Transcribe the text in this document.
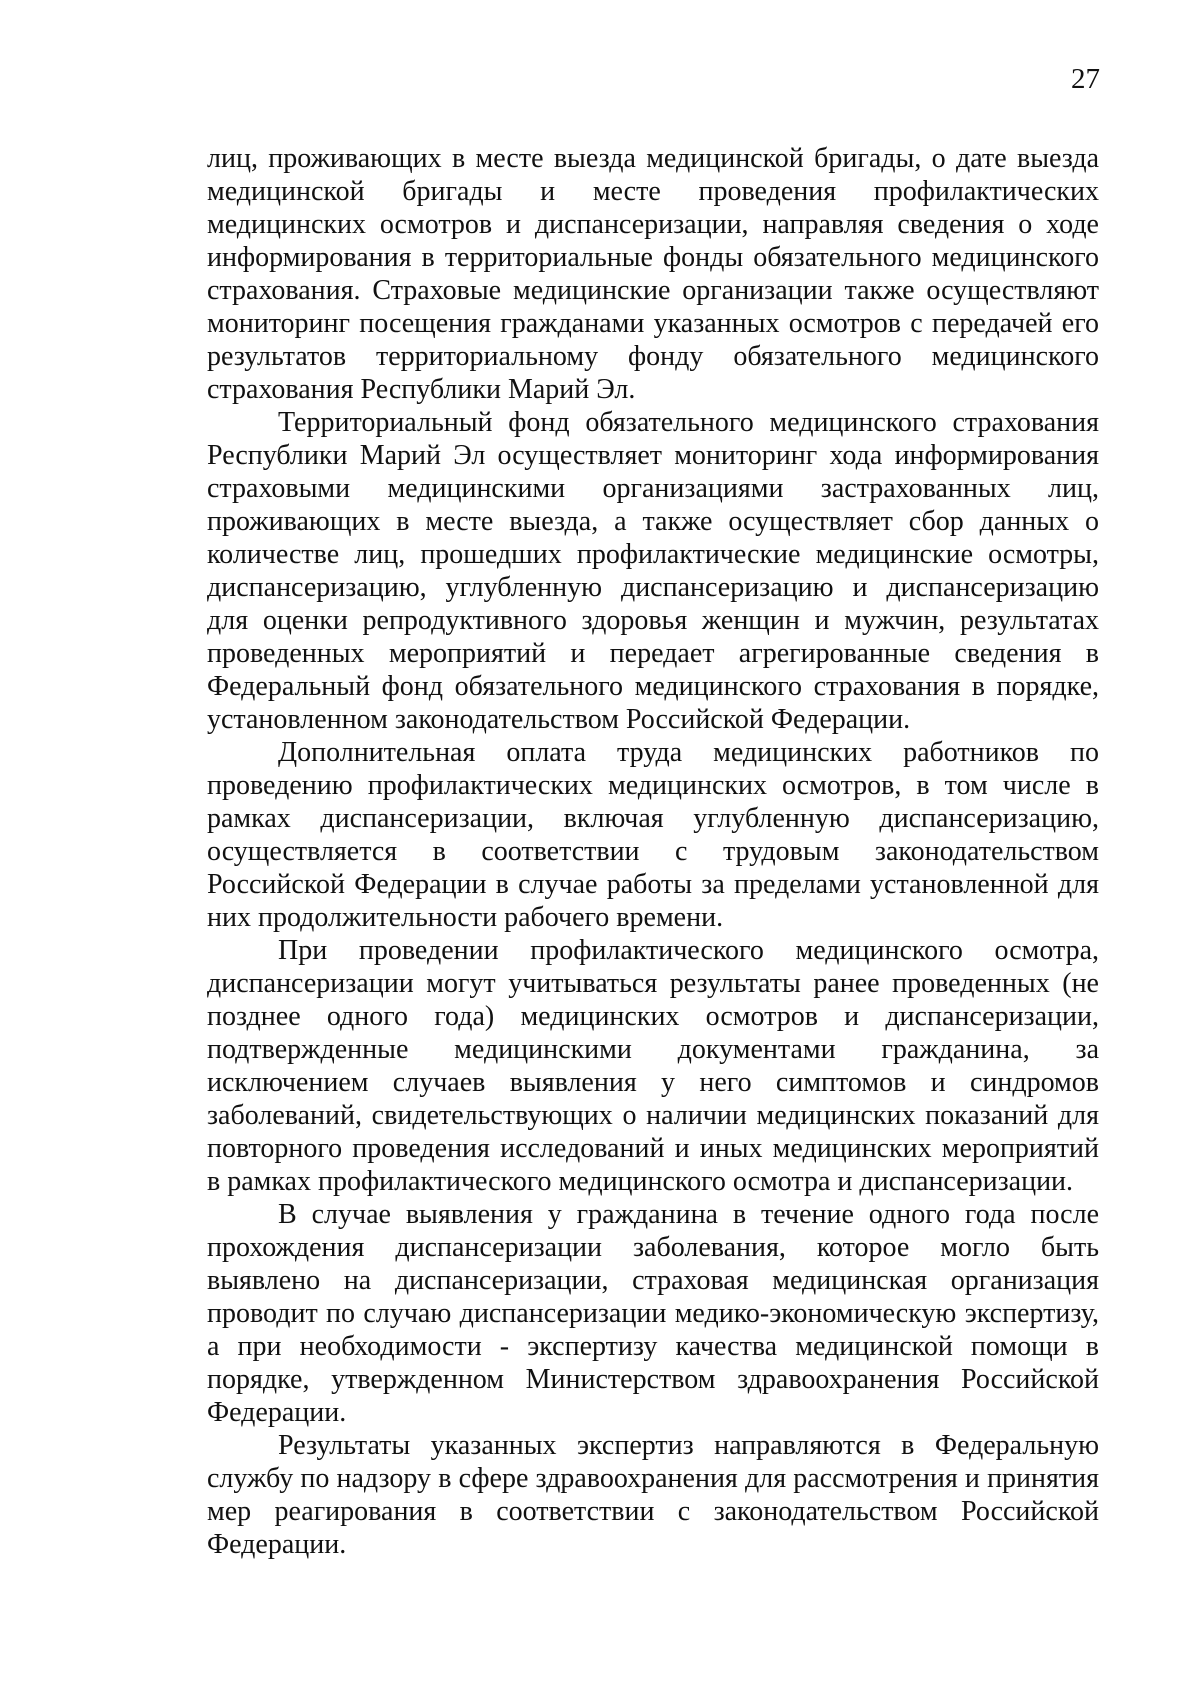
27

лиц, проживающих в месте выезда медицинской бригады, о дате выезда медицинской бригады и месте проведения профилактических медицинских осмотров и диспансеризации, направляя сведения о ходе информирования в территориальные фонды обязательного медицинского страхования. Страховые медицинские организации также осуществляют мониторинг посещения гражданами указанных осмотров с передачей его результатов территориальному фонду обязательного медицинского страхования Республики Марий Эл.

Территориальный фонд обязательного медицинского страхования Республики Марий Эл осуществляет мониторинг хода информирования страховыми медицинскими организациями застрахованных лиц, проживающих в месте выезда, а также осуществляет сбор данных о количестве лиц, прошедших профилактические медицинские осмотры, диспансеризацию, углубленную диспансеризацию и диспансеризацию для оценки репродуктивного здоровья женщин и мужчин, результатах проведенных мероприятий и передает агрегированные сведения в Федеральный фонд обязательного медицинского страхования в порядке, установленном законодательством Российской Федерации.

Дополнительная оплата труда медицинских работников по проведению профилактических медицинских осмотров, в том числе в рамках диспансеризации, включая углубленную диспансеризацию, осуществляется в соответствии с трудовым законодательством Российской Федерации в случае работы за пределами установленной для них продолжительности рабочего времени.

При проведении профилактического медицинского осмотра, диспансеризации могут учитываться результаты ранее проведенных (не позднее одного года) медицинских осмотров и диспансеризации, подтвержденные медицинскими документами гражданина, за исключением случаев выявления у него симптомов и синдромов заболеваний, свидетельствующих о наличии медицинских показаний для повторного проведения исследований и иных медицинских мероприятий в рамках профилактического медицинского осмотра и диспансеризации.

В случае выявления у гражданина в течение одного года после прохождения диспансеризации заболевания, которое могло быть выявлено на диспансеризации, страховая медицинская организация проводит по случаю диспансеризации медико-экономическую экспертизу, а при необходимости - экспертизу качества медицинской помощи в порядке, утвержденном Министерством здравоохранения Российской Федерации.

Результаты указанных экспертиз направляются в Федеральную службу по надзору в сфере здравоохранения для рассмотрения и принятия мер реагирования в соответствии с законодательством Российской Федерации.
